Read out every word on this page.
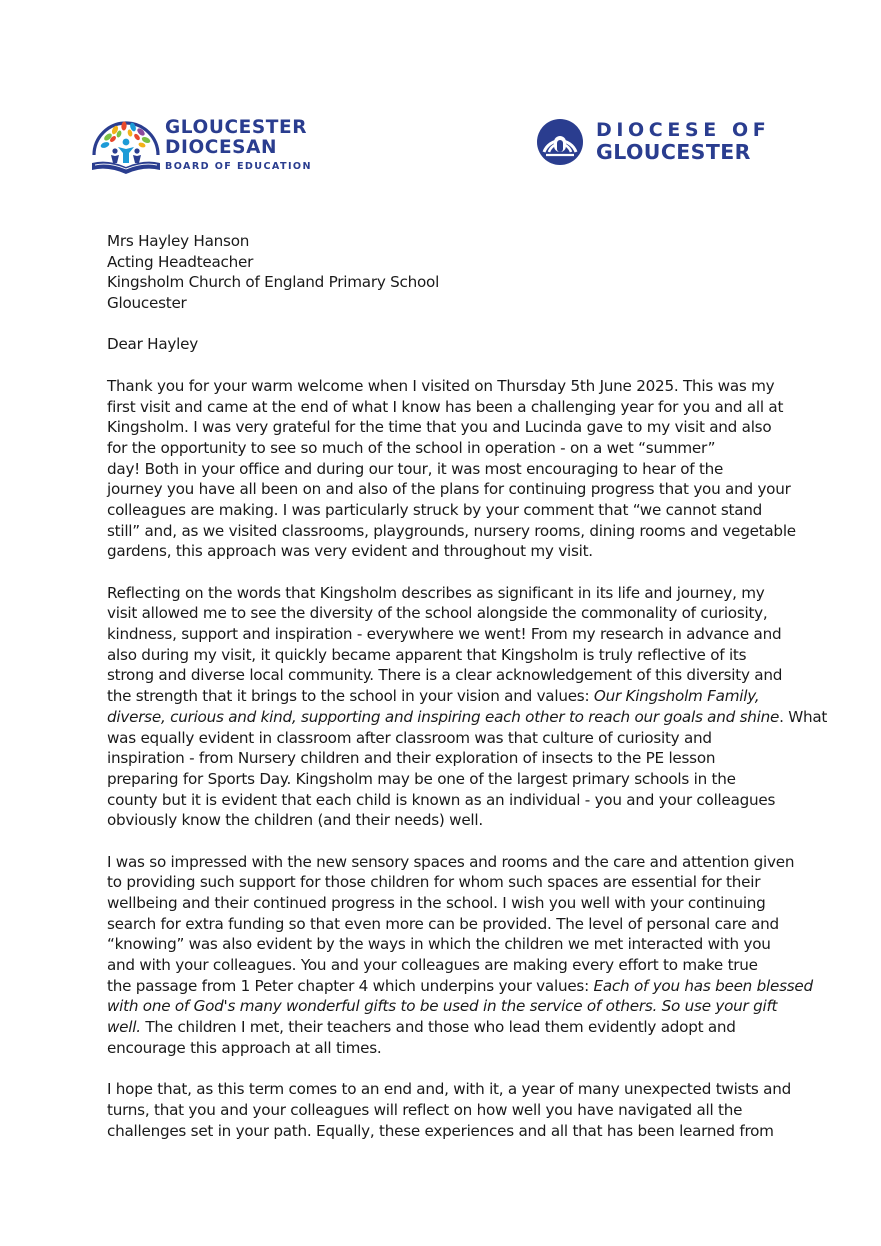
GLOUCESTER
DIOCESAN
BOARD OF EDUCATION
DIOCESE OF
GLOUCESTER
Mrs Hayley Hanson
Acting Headteacher
Kingsholm Church of England Primary School
Gloucester
Dear Hayley
Thank you for your warm welcome when I visited on Thursday 5th June 2025. This was my
first visit and came at the end of what I know has been a challenging year for you and all at
Kingsholm. I was very grateful for the time that you and Lucinda gave to my visit and also
for the opportunity to see so much of the school in operation - on a wet “summer”
day! Both in your office and during our tour, it was most encouraging to hear of the
journey you have all been on and also of the plans for continuing progress that you and your
colleagues are making. I was particularly struck by your comment that “we cannot stand
still” and, as we visited classrooms, playgrounds, nursery rooms, dining rooms and vegetable
gardens, this approach was very evident and throughout my visit.
Reflecting on the words that Kingsholm describes as significant in its life and journey, my
visit allowed me to see the diversity of the school alongside the commonality of curiosity,
kindness, support and inspiration - everywhere we went! From my research in advance and
also during my visit, it quickly became apparent that Kingsholm is truly reflective of its
strong and diverse local community. There is a clear acknowledgement of this diversity and
the strength that it brings to the school in your vision and values: Our Kingsholm Family,
diverse, curious and kind, supporting and inspiring each other to reach our goals and shine. What
was equally evident in classroom after classroom was that culture of curiosity and
inspiration - from Nursery children and their exploration of insects to the PE lesson
preparing for Sports Day. Kingsholm may be one of the largest primary schools in the
county but it is evident that each child is known as an individual - you and your colleagues
obviously know the children (and their needs) well.
I was so impressed with the new sensory spaces and rooms and the care and attention given
to providing such support for those children for whom such spaces are essential for their
wellbeing and their continued progress in the school. I wish you well with your continuing
search for extra funding so that even more can be provided. The level of personal care and
“knowing” was also evident by the ways in which the children we met interacted with you
and with your colleagues. You and your colleagues are making every effort to make true
the passage from 1 Peter chapter 4 which underpins your values: Each of you has been blessed
with one of God's many wonderful gifts to be used in the service of others. So use your gift
well. The children I met, their teachers and those who lead them evidently adopt and
encourage this approach at all times.
I hope that, as this term comes to an end and, with it, a year of many unexpected twists and
turns, that you and your colleagues will reflect on how well you have navigated all the
challenges set in your path. Equally, these experiences and all that has been learned from
